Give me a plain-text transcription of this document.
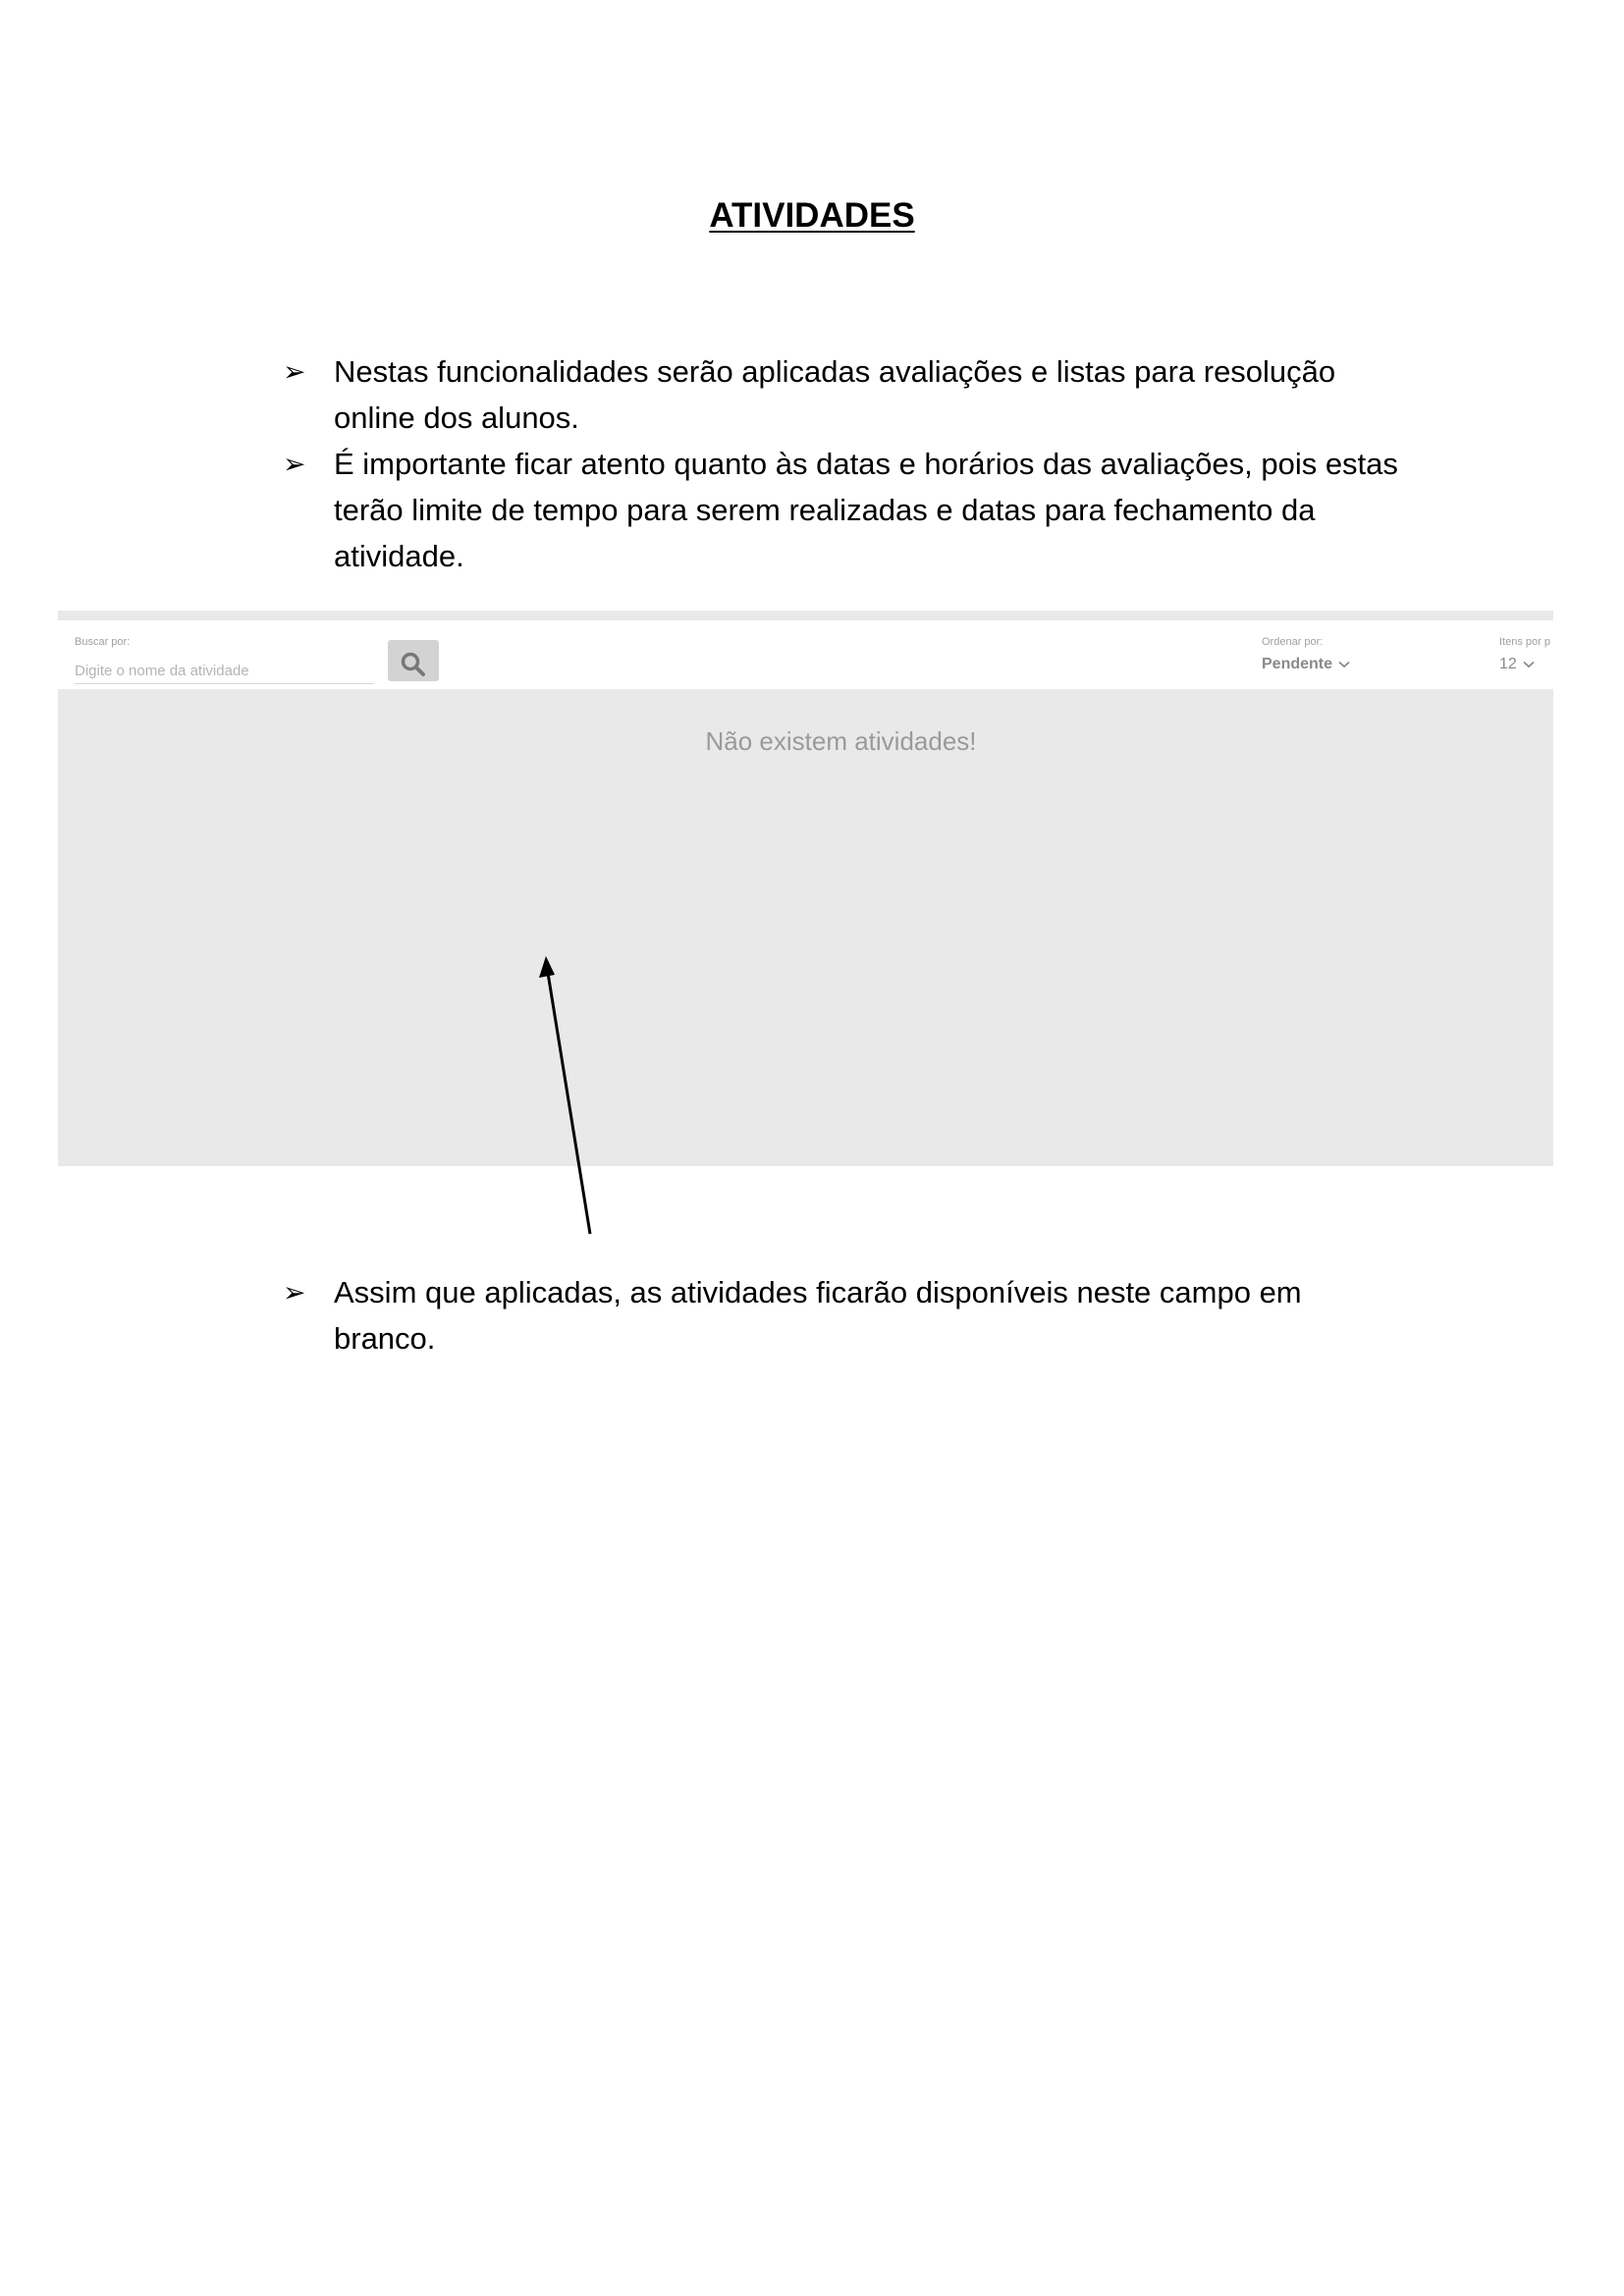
ATIVIDADES
➢ Nestas funcionalidades serão aplicadas avaliações e listas para resolução online dos alunos.
➢ É importante ficar atento quanto às datas e horários das avaliações, pois estas terão limite de tempo para serem realizadas e datas para fechamento da atividade.
Buscar por:
Digite o nome da atividade	Ordenar por:
Pendente
Itens por p
12
Não existem atividades!
➢ Assim que aplicadas, as atividades ficarão disponíveis neste campo em branco.
